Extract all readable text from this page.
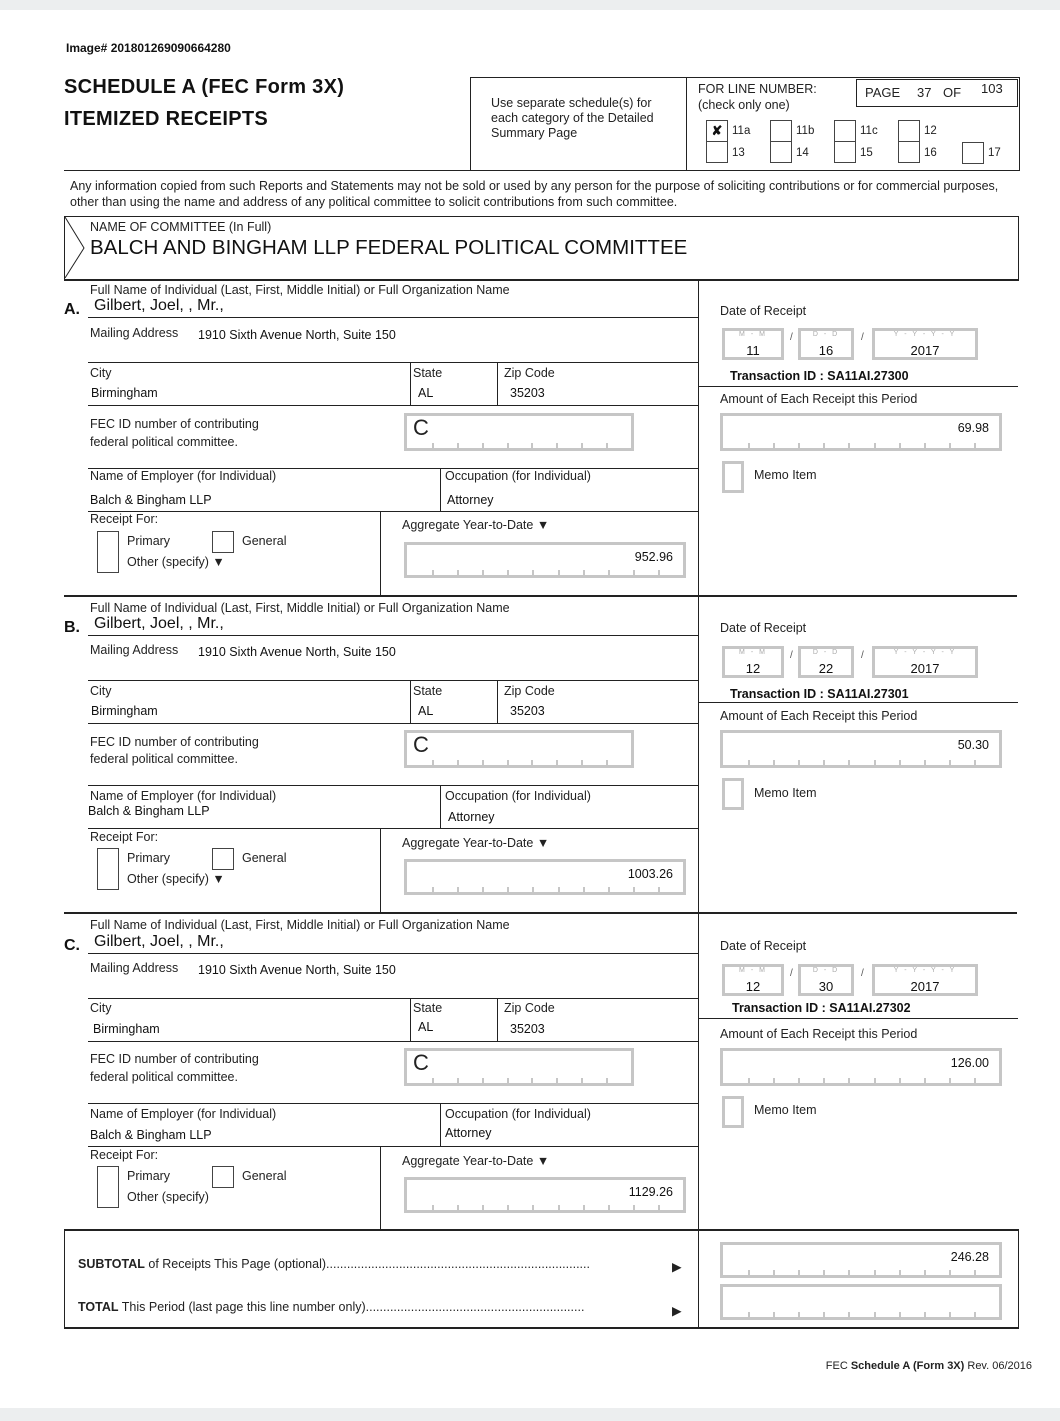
Image# 201801269090664280
SCHEDULE A (FEC Form 3X)
ITEMIZED RECEIPTS
Use separate schedule(s) for each category of the Detailed Summary Page
FOR LINE NUMBER:
(check only one)
PAGE 37 OF 103
✘ 11a	11b	11c	12
13	14	15	16	17
Any information copied from such Reports and Statements may not be sold or used by any person for the purpose of soliciting contributions or for commercial purposes, other than using the name and address of any political committee to solicit contributions from such committee.
NAME OF COMMITTEE (In Full)
BALCH AND BINGHAM LLP FEDERAL POLITICAL COMMITTEE
Full Name of Individual (Last, First, Middle Initial) or Full Organization Name
A. Gilbert, Joel, , Mr.,
Mailing Address 1910 Sixth Avenue North, Suite 150
City	State	Zip Code
Birmingham	AL	35203
FEC ID number of contributing
federal political committee.
C
Name of Employer (for Individual)	Occupation (for Individual)
Balch & Bingham LLP	Attorney
Receipt For:
Primary	General
Other (specify) ▼
Aggregate Year-to-Date ▼
952.96
Date of Receipt
M - M
11
/	D - D
16
/	Y - Y - Y - Y
2017
Transaction ID : SA11AI.27300
Amount of Each Receipt this Period
69.98
Memo Item
Full Name of Individual (Last, First, Middle Initial) or Full Organization Name
B. Gilbert, Joel, , Mr.,
Mailing Address 1910 Sixth Avenue North, Suite 150
City	State	Zip Code
Birmingham	AL	35203
FEC ID number of contributing
federal political committee.
C
Name of Employer (for Individual)	Occupation (for Individual)
Balch & Bingham LLP	Attorney
Receipt For:
Primary	General
Other (specify) ▼
Aggregate Year-to-Date ▼
1003.26
Date of Receipt
M - M
12
/	D - D
22
/	Y - Y - Y - Y
2017
Transaction ID : SA11AI.27301
Amount of Each Receipt this Period
50.30
Memo Item
Full Name of Individual (Last, First, Middle Initial) or Full Organization Name
C. Gilbert, Joel, , Mr.,
Mailing Address 1910 Sixth Avenue North, Suite 150
City	State	Zip Code
Birmingham	AL	35203
FEC ID number of contributing
federal political committee.
C
Name of Employer (for Individual)	Occupation (for Individual)
Balch & Bingham LLP	Attorney
Receipt For:
Primary	General
Other (specify)
Aggregate Year-to-Date ▼
1129.26
Date of Receipt
M - M
12
/	D - D
30
/	Y - Y - Y - Y
2017
Transaction ID : SA11AI.27302
Amount of Each Receipt this Period
126.00
Memo Item
SUBTOTAL of Receipts This Page (optional)............................................................................	▶
246.28
TOTAL This Period (last page this line number only)...............................................................	▶
FEC Schedule A (Form 3X) Rev. 06/2016
